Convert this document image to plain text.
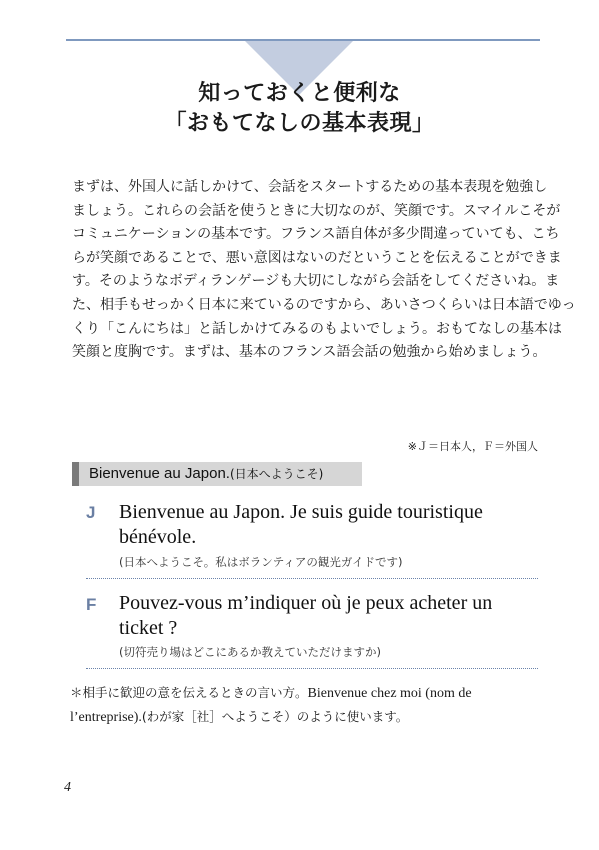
知っておくと便利な
「おもてなしの基本表現」
まずは、外国人に話しかけて、会話をスタートするための基本表現を勉強し
ましょう。これらの会話を使うときに大切なのが、笑顔です。スマイルこそが
コミュニケーションの基本です。フランス語自体が多少間違っていても、こち
らが笑顔であることで、悪い意図はないのだということを伝えることができま
す。そのようなボディランゲージも大切にしながら会話をしてくださいね。ま
た、相手もせっかく日本に来ているのですから、あいさつくらいは日本語でゆっ
くり「こんにちは」と話しかけてみるのもよいでしょう。おもてなしの基本は
笑顔と度胸です。まずは、基本のフランス語会話の勉強から始めましょう。
※Ｊ＝日本人，Ｆ＝外国人
Bienvenue au Japon.(日本へようこそ)
J Bienvenue au Japon. Je suis guide touristique
bénévole.
(日本へようこそ。私はボランティアの観光ガイドです)
F Pouvez-vous m’indiquer où je peux acheter un
ticket ?
(切符売り場はどこにあるか教えていただけますか)
＊相手に歓迎の意を伝えるときの言い方。Bienvenue chez moi (nom de
l’entreprise).(わが家［社］へようこそ）のように使います。
4
